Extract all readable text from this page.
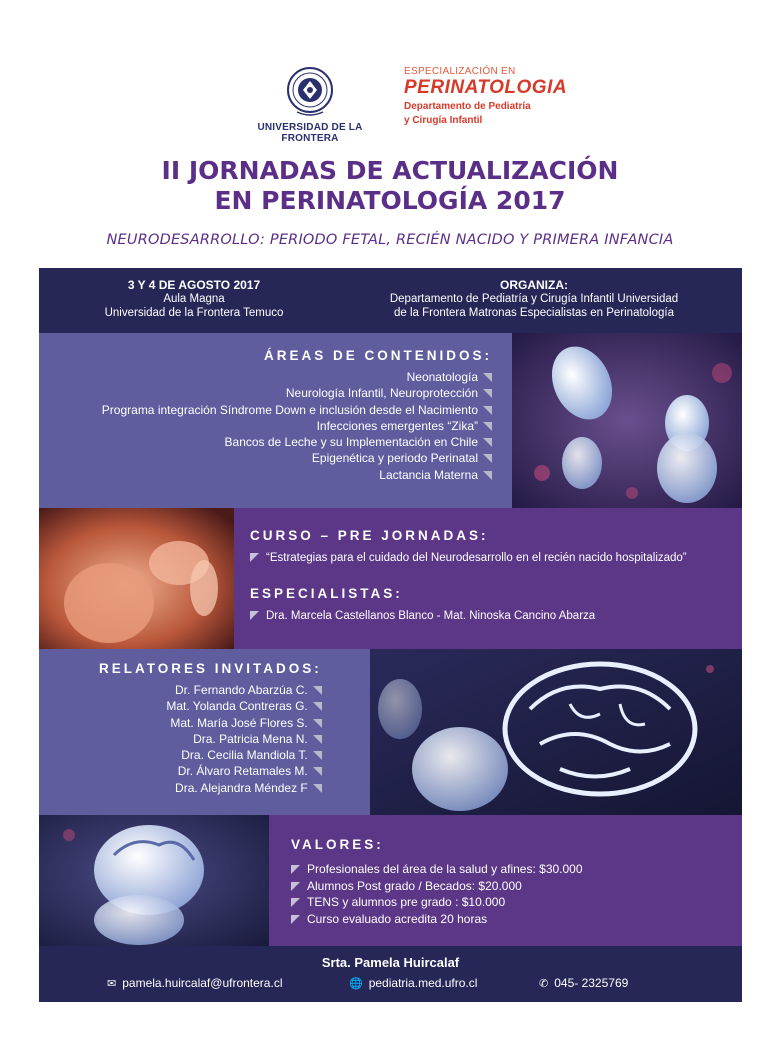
UNIVERSIDAD DE LA FRONTERA
ESPECIALIZACIÓN EN
PERINATOLOGIA
Departamento de Pediatría
y Cirugía Infantil
II JORNADAS DE ACTUALIZACIÓN
EN PERINATOLOGÍA 2017
NEURODESARROLLO: PERIODO FETAL, RECIÉN NACIDO Y PRIMERA INFANCIA
3 Y 4 DE AGOSTO 2017
Aula Magna
Universidad de la Frontera Temuco
ORGANIZA:
Departamento de Pediatría y Cirugía Infantil Universidad
de la Frontera Matronas Especialistas en Perinatología
ÁREAS DE CONTENIDOS:
Neonatología
Neurología Infantil, Neuroprotección
Programa integración Síndrome Down e inclusión desde el Nacimiento
Infecciones emergentes “Zika”
Bancos de Leche y su Implementación en Chile
Epigenética y periodo Perinatal
Lactancia Materna
CURSO – PRE JORNADAS:
“Estrategias para el cuidado del Neurodesarrollo en el recién nacido hospitalizado”
ESPECIALISTAS:
Dra. Marcela Castellanos Blanco - Mat. Ninoska Cancino Abarza
RELATORES INVITADOS:
Dr. Fernando Abarzúa C.
Mat. Yolanda Contreras G.
Mat. María José Flores S.
Dra. Patricia Mena N.
Dra. Cecilia Mandiola T.
Dr. Álvaro Retamales M.
Dra. Alejandra Méndez F
VALORES:
Profesionales del área de la salud y afines: $30.000
Alumnos Post grado / Becados: $20.000
TENS y alumnos pre grado : $10.000
Curso evaluado acredita 20 horas
Srta. Pamela Huircalaf
✉ pamela.huircalaf@ufrontera.cl	🌐 pediatria.med.ufro.cl	✆ 045- 2325769
